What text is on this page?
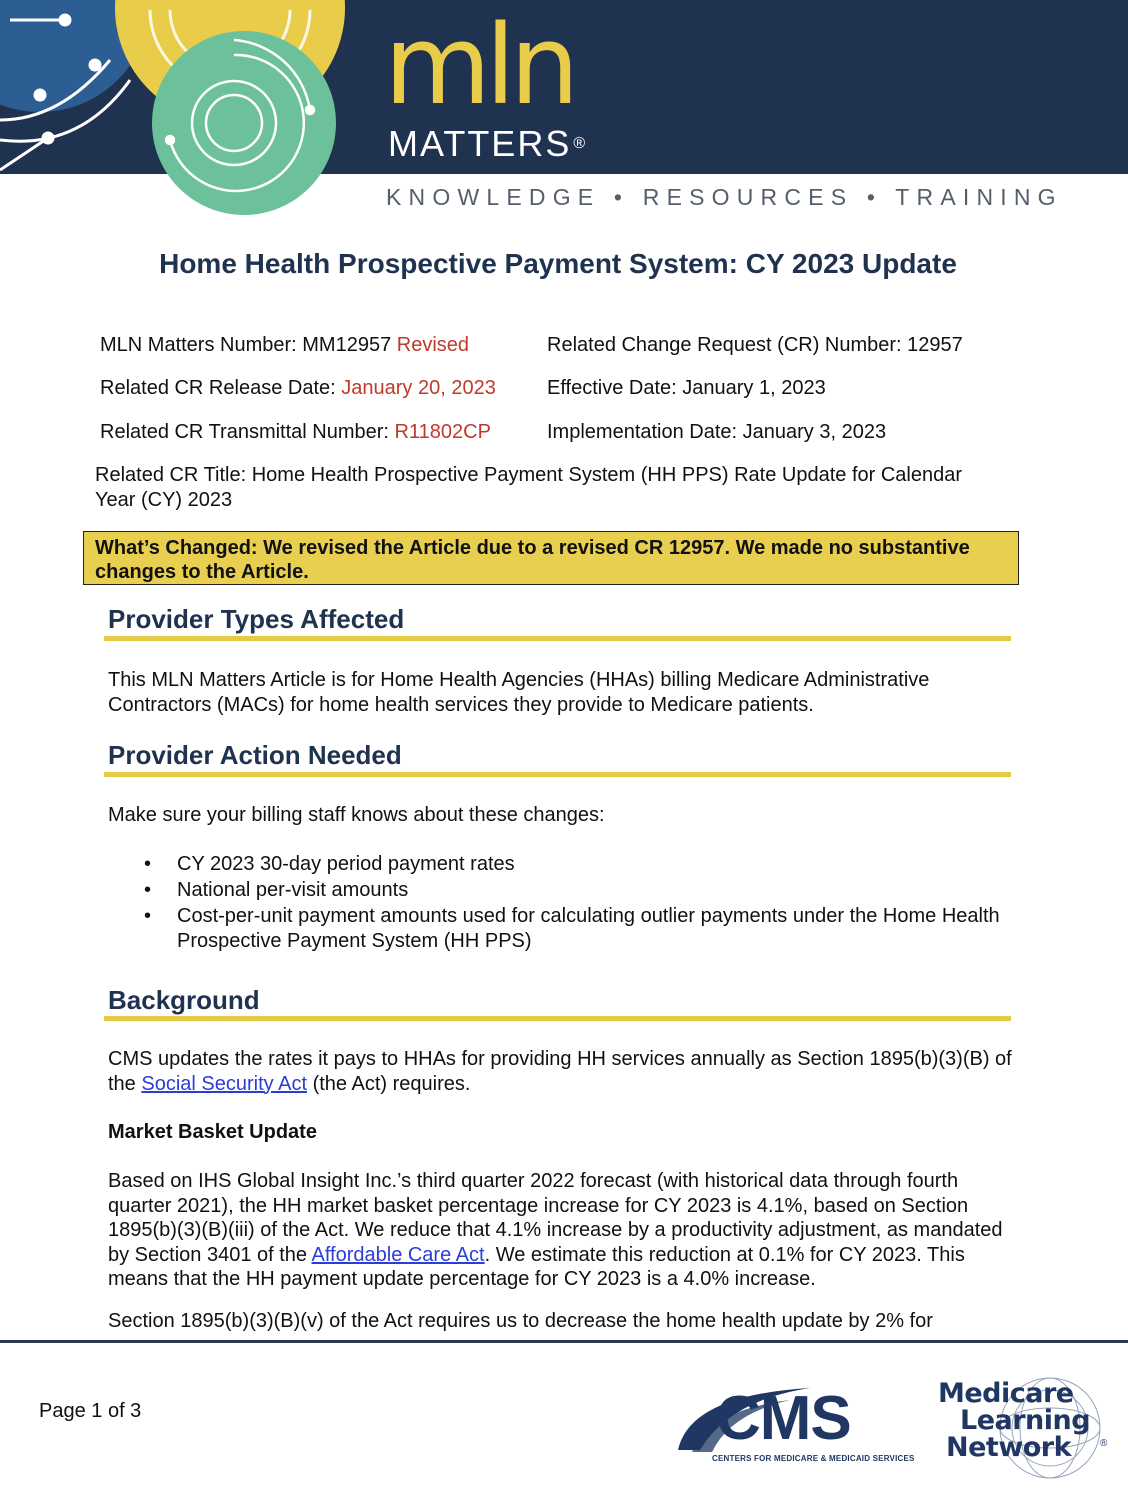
mln
MATTERS ®
KNOWLEDGE • RESOURCES • TRAINING
Home Health Prospective Payment System: CY 2023 Update
MLN Matters Number: MM12957 Revised	Related Change Request (CR) Number: 12957
Related CR Release Date: January 20, 2023	Effective Date: January 1, 2023
Related CR Transmittal Number: R11802CP	Implementation Date: January 3, 2023
Related CR Title: Home Health Prospective Payment System (HH PPS) Rate Update for Calendar Year (CY) 2023
What’s Changed: We revised the Article due to a revised CR 12957. We made no substantive changes to the Article.
Provider Types Affected
This MLN Matters Article is for Home Health Agencies (HHAs) billing Medicare Administrative Contractors (MACs) for home health services they provide to Medicare patients.
Provider Action Needed
Make sure your billing staff knows about these changes:
• CY 2023 30-day period payment rates
• National per-visit amounts
• Cost-per-unit payment amounts used for calculating outlier payments under the Home Health Prospective Payment System (HH PPS)
Background
CMS updates the rates it pays to HHAs for providing HH services annually as Section 1895(b)(3)(B) of the Social Security Act (the Act) requires.
Market Basket Update
Based on IHS Global Insight Inc.’s third quarter 2022 forecast (with historical data through fourth quarter 2021), the HH market basket percentage increase for CY 2023 is 4.1%, based on Section 1895(b)(3)(B)(iii) of the Act. We reduce that 4.1% increase by a productivity adjustment, as mandated by Section 3401 of the Affordable Care Act. We estimate this reduction at 0.1% for CY 2023. This means that the HH payment update percentage for CY 2023 is a 4.0% increase.
Section 1895(b)(3)(B)(v) of the Act requires us to decrease the home health update by 2% for
Page 1 of 3	CMS
CENTERS FOR MEDICARE & MEDICAID SERVICES
Medicare
Learning
Network	®
